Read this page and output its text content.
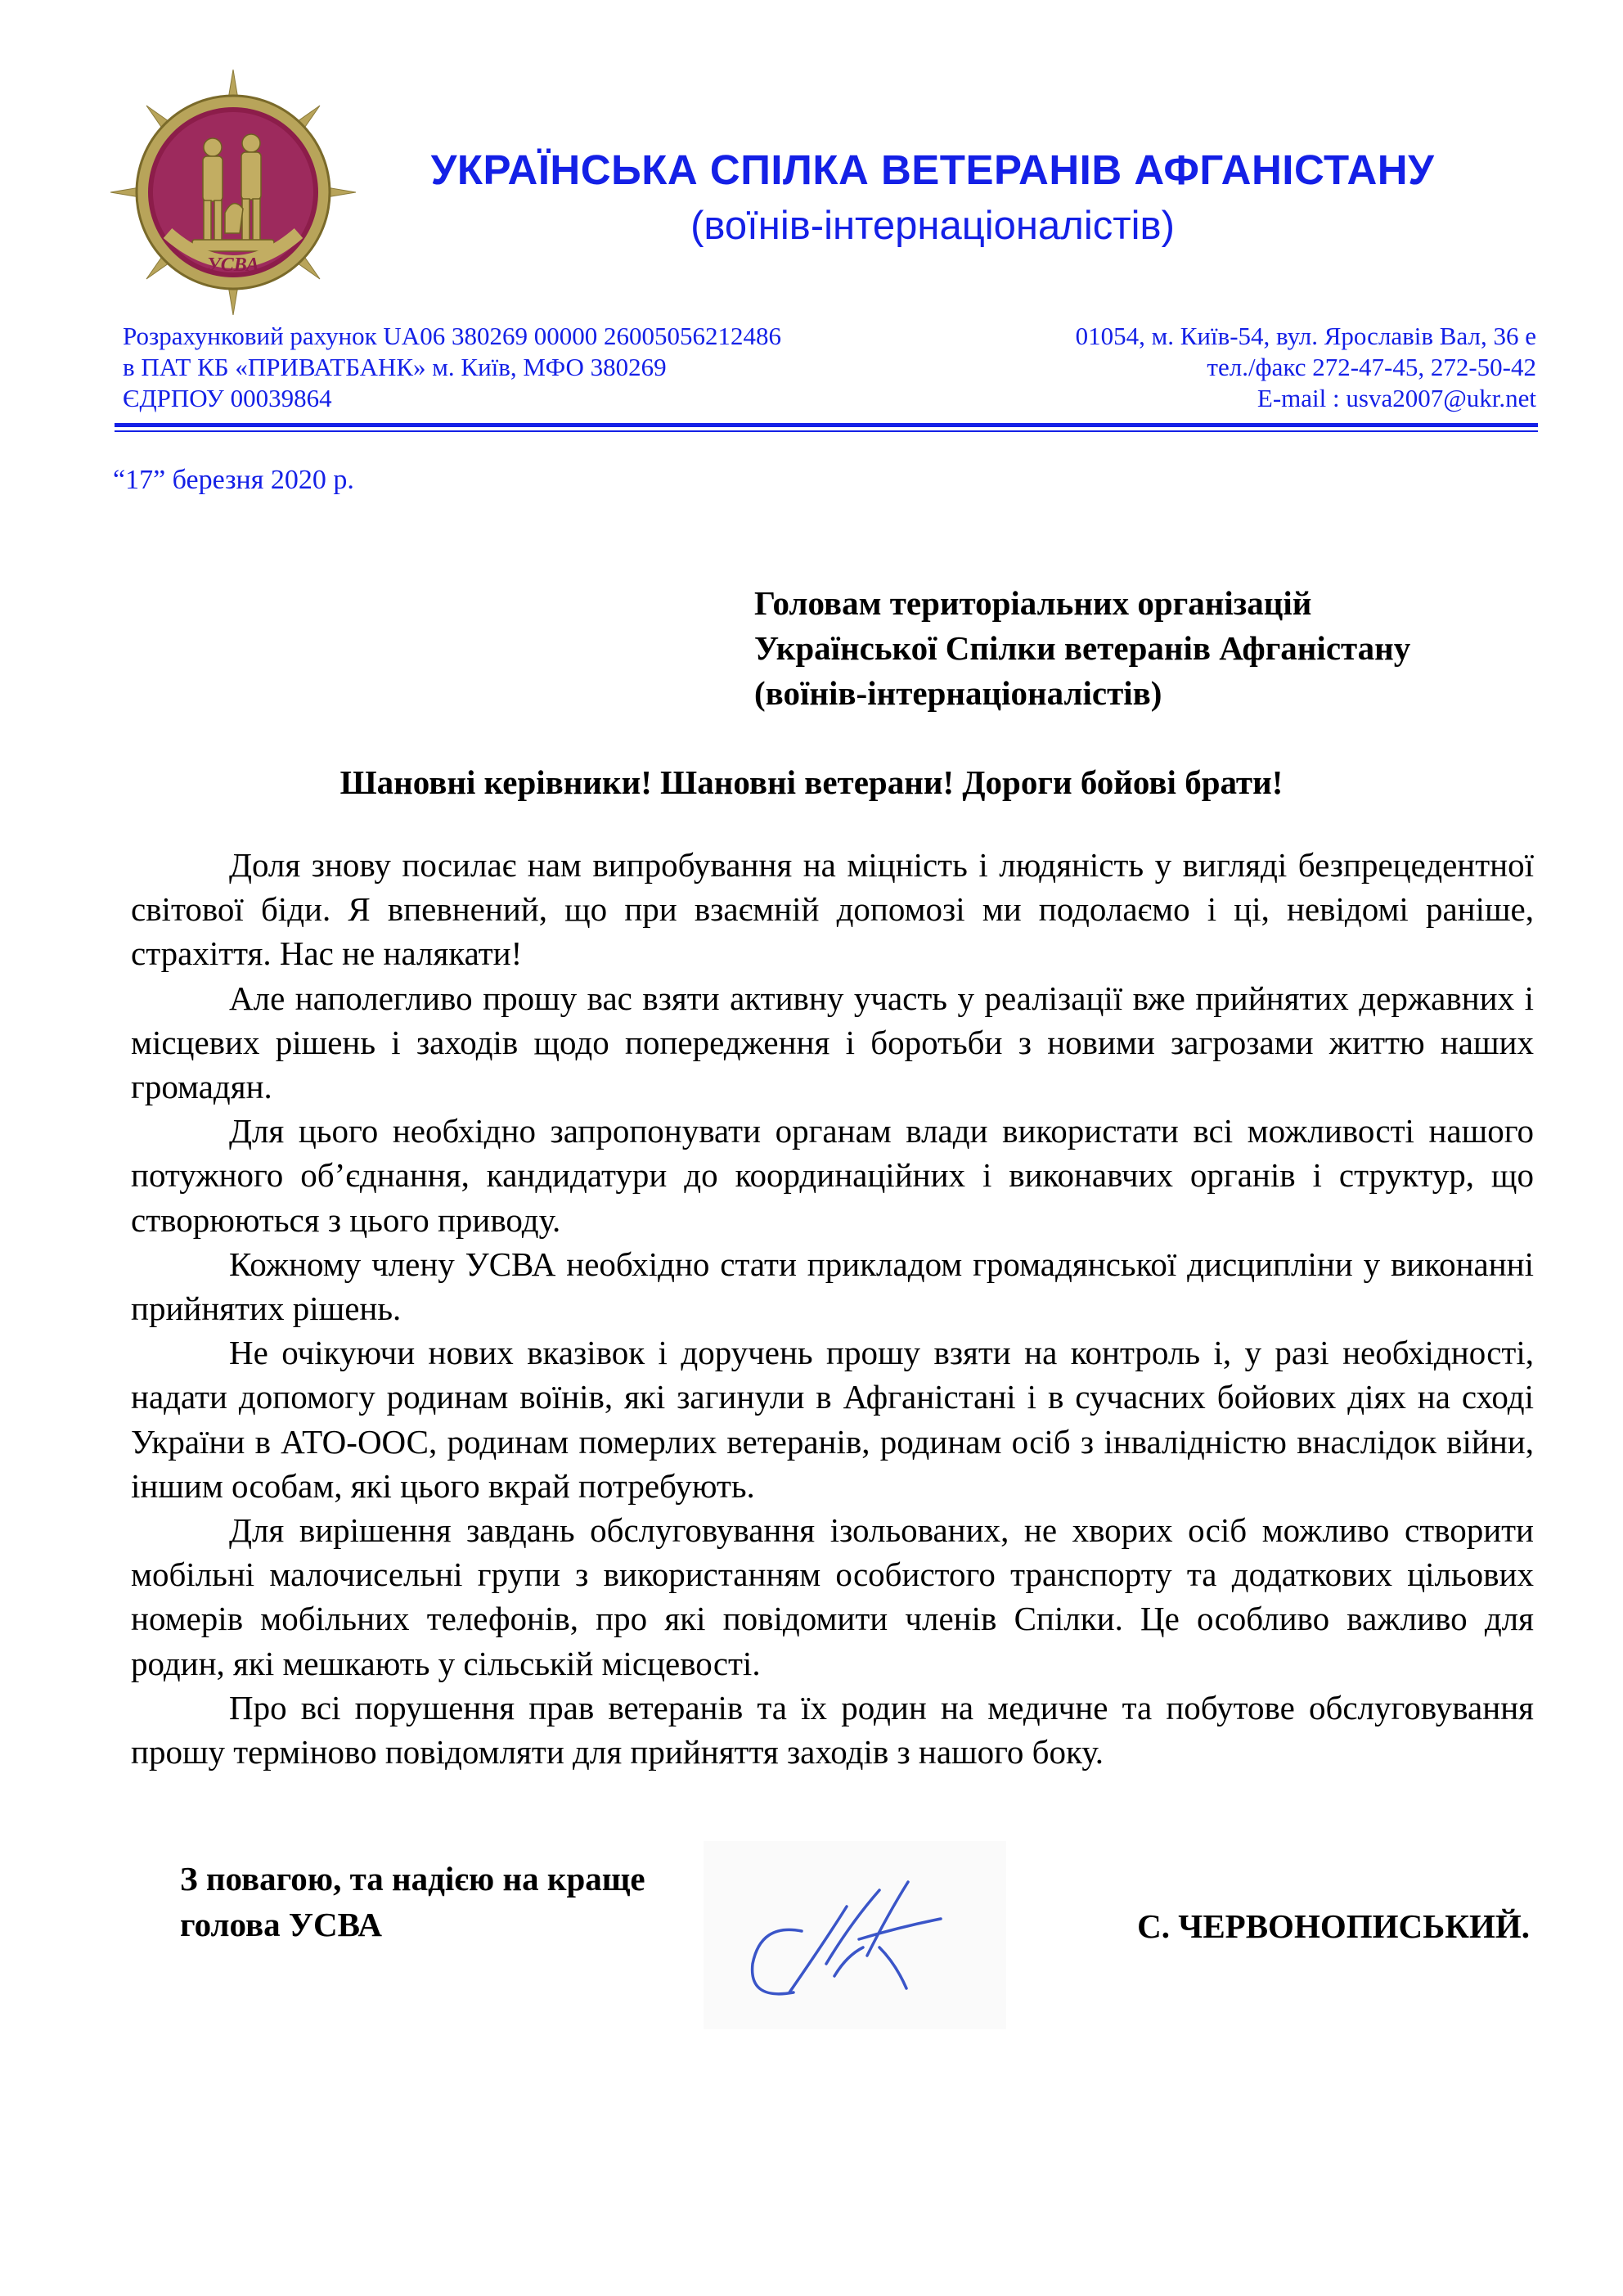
УСВА
УКРАЇНСЬКА СПІЛКА ВЕТЕРАНІВ АФГАНІСТАНУ
(воїнів-інтернаціоналістів)
Розрахунковий рахунок UA06 380269 00000 26005056212486
в ПАТ КБ «ПРИВАТБАНК» м. Київ, МФО 380269
ЄДРПОУ 00039864
01054, м. Київ-54, вул. Ярославів Вал, 36 е
тел./факс 272-47-45, 272-50-42
E-mail : usva2007@ukr.net
“17” березня 2020 р.
Головам територіальних організацій
Української Спілки ветеранів Афганістану
(воїнів-інтернаціоналістів)
Шановні керівники! Шановні ветерани! Дороги бойові брати!

Доля знову посилає нам випробування на міцність і людяність у вигляді безпрецедентної світової біди. Я впевнений, що при взаємній допомозі ми подолаємо і ці, невідомі раніше, страхіття. Нас не налякати!

Але наполегливо прошу вас взяти активну участь у реалізації вже прийнятих державних і місцевих рішень і заходів щодо попередження і боротьби з новими загрозами життю наших громадян.

Для цього необхідно запропонувати органам влади використати всі можливості нашого потужного об’єднання, кандидатури до координаційних і виконавчих органів і структур, що створюються з цього приводу.

Кожному члену УСВА необхідно стати прикладом громадянської дисципліни у виконанні прийнятих рішень.

Не очікуючи нових вказівок і доручень прошу взяти на контроль і, у разі необхідності, надати допомогу родинам воїнів, які загинули в Афганістані і в сучасних бойових діях на сході України в АТО-ООС, родинам померлих ветеранів, родинам осіб з інвалідністю внаслідок війни, іншим особам, які цього вкрай потребують.

Для вирішення завдань обслуговування ізольованих, не хворих осіб можливо створити мобільні малочисельні групи з використанням особистого транспорту та додаткових цільових номерів мобільних телефонів, про які повідомити членів Спілки. Це особливо важливо для родин, які мешкають у сільській місцевості.

Про всі порушення прав ветеранів та їх родин на медичне та побутове обслуговування прошу терміново повідомляти для прийняття заходів з нашого боку.

З повагою, та надією на краще
голова УСВА	С. ЧЕРВОНОПИСЬКИЙ.
